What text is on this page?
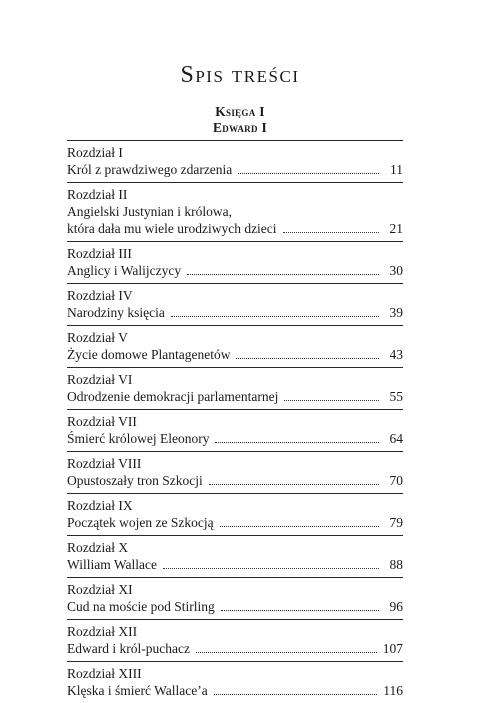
Spis treści
Księga I
Edward I
Rozdział I
Król z prawdziwego zdarzenia	11
Rozdział II
Angielski Justynian i królowa,
która dała mu wiele urodziwych dzieci	21
Rozdział III
Anglicy i Walijczycy	30
Rozdział IV
Narodziny księcia	39
Rozdział V
Życie domowe Plantagenetów	43
Rozdział VI
Odrodzenie demokracji parlamentarnej	55
Rozdział VII
Śmierć królowej Eleonory	64
Rozdział VIII
Opustoszały tron Szkocji	70
Rozdział IX
Początek wojen ze Szkocją	79
Rozdział X
William Wallace	88
Rozdział XI
Cud na moście pod Stirling	96
Rozdział XII
Edward i król-puchacz	107
Rozdział XIII
Klęska i śmierć Wallace’a	116
